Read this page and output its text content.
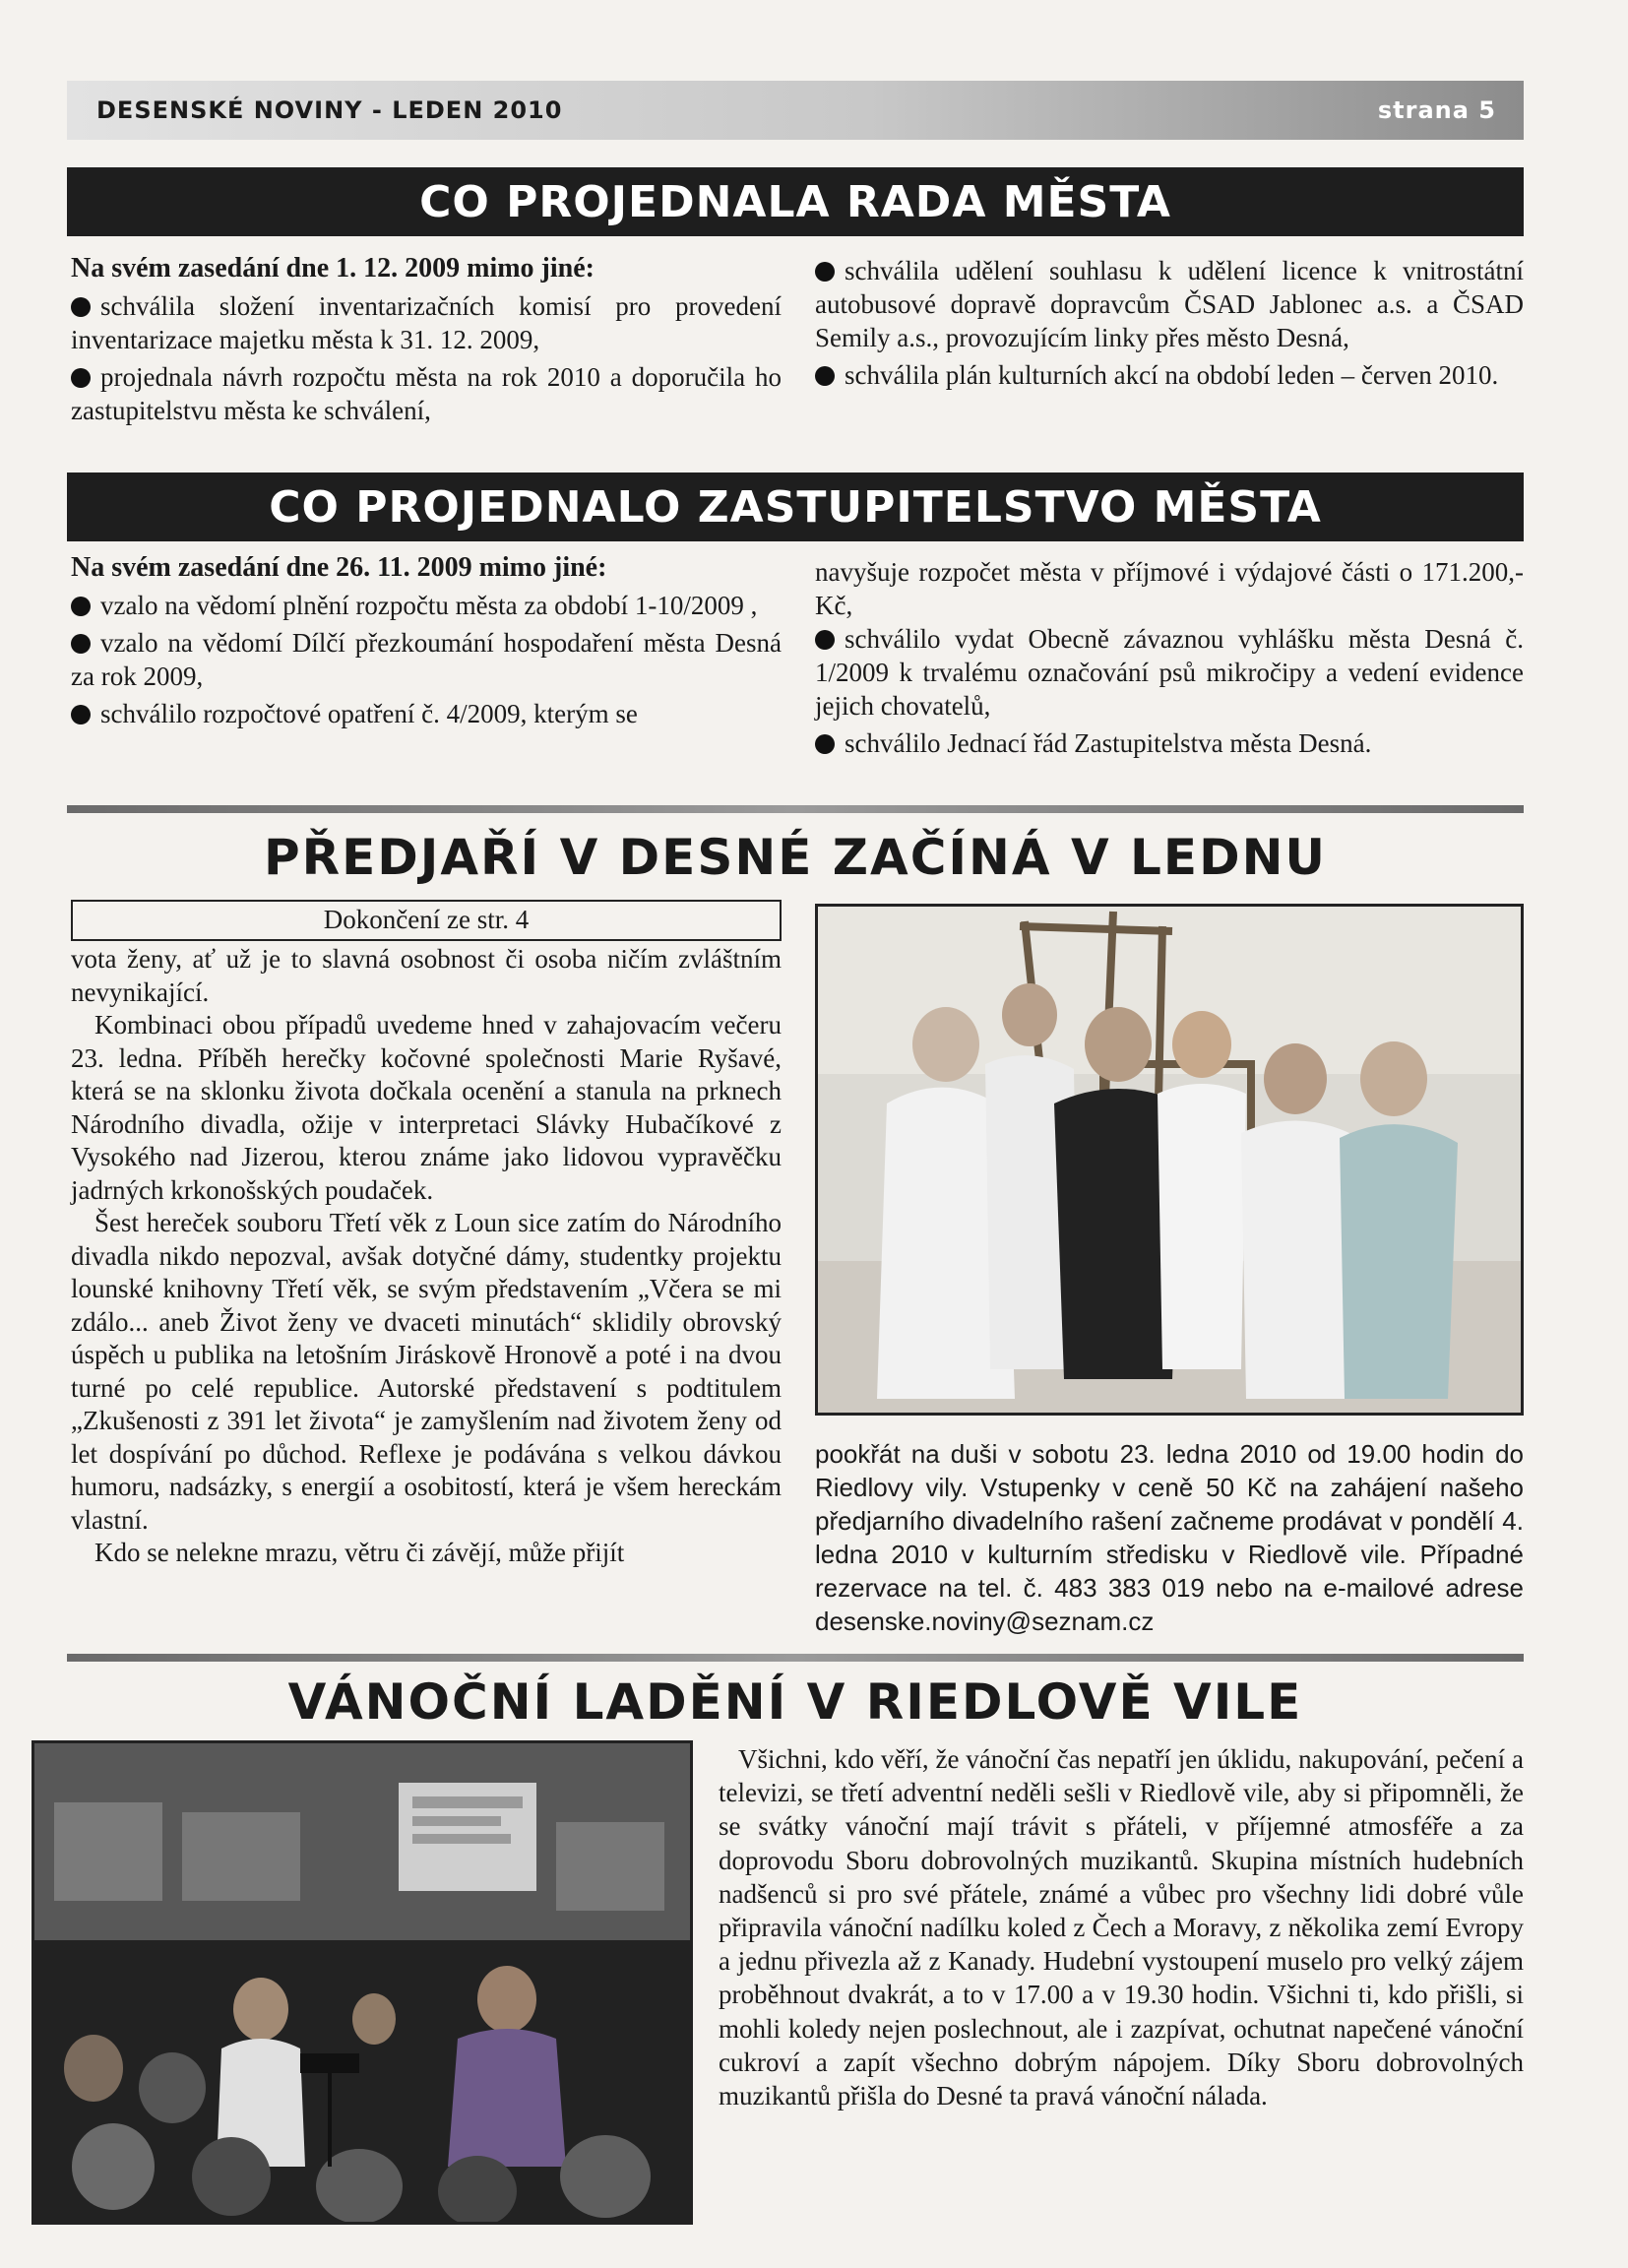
DESENSKÉ NOVINY - LEDEN 2010	strana 5
CO PROJEDNALA RADA MĚSTA

Na svém zasedání dne 1. 12. 2009 mimo jiné:

schválila složení inventarizačních komisí pro provedení inventarizace majetku města k 31. 12. 2009,

projednala návrh rozpočtu města na rok 2010 a doporučila ho zastupitelstvu města ke schválení,

schválila udělení souhlasu k udělení licence k vnitrostátní autobusové dopravě dopravcům ČSAD Jablonec a.s. a ČSAD Semily a.s., provozujícím linky přes město Desná,

schválila plán kulturních akcí na období leden – červen 2010.

CO PROJEDNALO ZASTUPITELSTVO MĚSTA

Na svém zasedání dne 26. 11. 2009 mimo jiné:

vzalo na vědomí plnění rozpočtu města za období 1-10/2009 ,

vzalo na vědomí Dílčí přezkoumání hospodaření města Desná za rok 2009,

schválilo rozpočtové opatření č. 4/2009, kterým se

navyšuje rozpočet města v příjmové i výdajové části o 171.200,- Kč,

schválilo vydat Obecně závaznou vyhlášku města Desná č. 1/2009 k trvalému označování psů mikročipy a vedení evidence jejich chovatelů,

schválilo Jednací řád Zastupitelstva města Desná.

PŘEDJAŘÍ V DESNÉ ZAČÍNÁ V LEDNU
Dokončení ze str. 4

vota ženy, ať už je to slavná osobnost či osoba ničím zvláštním nevynikající.

Kombinaci obou případů uvedeme hned v zahajovacím večeru 23. ledna. Příběh herečky kočovné společnosti Marie Ryšavé, která se na sklonku života dočkala ocenění a stanula na prknech Národního divadla, ožije v interpretaci Slávky Hubačíkové z Vysokého nad Jizerou, kterou známe jako lidovou vypravěčku jadrných krkonošských poudaček.

Šest hereček souboru Třetí věk z Loun sice zatím do Národního divadla nikdo nepozval, avšak dotyčné dámy, studentky projektu lounské knihovny Třetí věk, se svým představením „Včera se mi zdálo... aneb Život ženy ve dvaceti minutách“ sklidily obrovský úspěch u publika na letošním Jiráskově Hronově a poté i na dvou turné po celé republice. Autorské představení s podtitulem „Zkušenosti z 391 let života“ je zamyšlením nad životem ženy od let dospívání po důchod. Reflexe je podávána s velkou dávkou humoru, nadsázky, s energií a osobitostí, která je všem hereckám vlastní.

Kdo se nelekne mrazu, větru či závějí, může přijít

pookřát na duši v sobotu 23. ledna 2010 od 19.00 hodin do Riedlovy vily. Vstupenky v ceně 50 Kč na zahájení našeho předjarního divadelního rašení začneme prodávat v pondělí 4. ledna 2010 v kulturním středisku v Riedlově vile. Případné rezervace na tel. č. 483 383 019 nebo na e-mailové adrese desenske.noviny@seznam.cz
VÁNOČNÍ LADĚNÍ V RIEDLOVĚ VILE
Všichni, kdo věří, že vánoční čas nepatří jen úklidu, nakupování, pečení a televizi, se třetí adventní neděli sešli v Riedlově vile, aby si připomněli, že se svátky vánoční mají trávit s přáteli, v příjemné atmosféře a za doprovodu Sboru dobrovolných muzikantů. Skupina místních hudebních nadšenců si pro své přátele, známé a vůbec pro všechny lidi dobré vůle připravila vánoční nadílku koled z Čech a Moravy, z několika zemí Evropy a jednu přivezla až z Kanady. Hudební vystoupení muselo pro velký zájem proběhnout dvakrát, a to v 17.00 a v 19.30 hodin. Všichni ti, kdo přišli, si mohli koledy nejen poslechnout, ale i zazpívat, ochutnat napečené vánoční cukroví a zapít všechno dobrým nápojem. Díky Sboru dobrovolných muzikantů přišla do Desné ta pravá vánoční nálada.
